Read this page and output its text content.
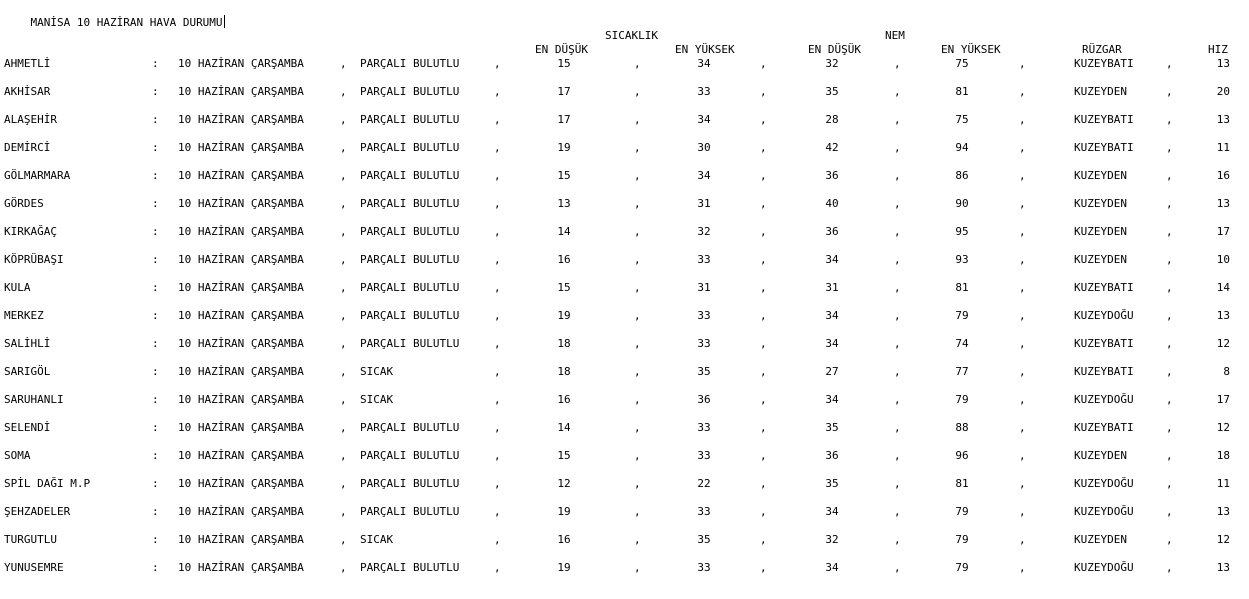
MANİSA 10 HAZİRAN HAVA DURUMU

SICAKLIK	NEM
EN DÜŞÜK	EN YÜKSEK	EN DÜŞÜK	EN YÜKSEK	RÜZGAR	HIZ
AHMETLİ	: 10 HAZİRAN ÇARŞAMBA	, PARÇALI BULUTLU	,	15	,	34	,	32	,	75	,	KUZEYBATI	,	13
AKHİSAR	: 10 HAZİRAN ÇARŞAMBA	, PARÇALI BULUTLU	,	17	,	33	,	35	,	81	,	KUZEYDEN	,	20
ALAŞEHİR	: 10 HAZİRAN ÇARŞAMBA	, PARÇALI BULUTLU	,	17	,	34	,	28	,	75	,	KUZEYBATI	,	13
DEMİRCİ	: 10 HAZİRAN ÇARŞAMBA	, PARÇALI BULUTLU	,	19	,	30	,	42	,	94	,	KUZEYBATI	,	11
GÖLMARMARA	: 10 HAZİRAN ÇARŞAMBA	, PARÇALI BULUTLU	,	15	,	34	,	36	,	86	,	KUZEYDEN	,	16
GÖRDES	: 10 HAZİRAN ÇARŞAMBA	, PARÇALI BULUTLU	,	13	,	31	,	40	,	90	,	KUZEYDEN	,	13
KIRKAĞAÇ	: 10 HAZİRAN ÇARŞAMBA	, PARÇALI BULUTLU	,	14	,	32	,	36	,	95	,	KUZEYDEN	,	17
KÖPRÜBAŞI	: 10 HAZİRAN ÇARŞAMBA	, PARÇALI BULUTLU	,	16	,	33	,	34	,	93	,	KUZEYDEN	,	10
KULA	: 10 HAZİRAN ÇARŞAMBA	, PARÇALI BULUTLU	,	15	,	31	,	31	,	81	,	KUZEYBATI	,	14
MERKEZ	: 10 HAZİRAN ÇARŞAMBA	, PARÇALI BULUTLU	,	19	,	33	,	34	,	79	,	KUZEYDOĞU	,	13
SALİHLİ	: 10 HAZİRAN ÇARŞAMBA	, PARÇALI BULUTLU	,	18	,	33	,	34	,	74	,	KUZEYBATI	,	12
SARIGÖL	: 10 HAZİRAN ÇARŞAMBA	, SICAK	,	18	,	35	,	27	,	77	,	KUZEYBATI	,	8
SARUHANLI	: 10 HAZİRAN ÇARŞAMBA	, SICAK	,	16	,	36	,	34	,	79	,	KUZEYDOĞU	,	17
SELENDİ	: 10 HAZİRAN ÇARŞAMBA	, PARÇALI BULUTLU	,	14	,	33	,	35	,	88	,	KUZEYBATI	,	12
SOMA	: 10 HAZİRAN ÇARŞAMBA	, PARÇALI BULUTLU	,	15	,	33	,	36	,	96	,	KUZEYDEN	,	18
SPİL DAĞI M.P	: 10 HAZİRAN ÇARŞAMBA	, PARÇALI BULUTLU	,	12	,	22	,	35	,	81	,	KUZEYDOĞU	,	11
ŞEHZADELER	: 10 HAZİRAN ÇARŞAMBA	, PARÇALI BULUTLU	,	19	,	33	,	34	,	79	,	KUZEYDOĞU	,	13
TURGUTLU	: 10 HAZİRAN ÇARŞAMBA	, SICAK	,	16	,	35	,	32	,	79	,	KUZEYDEN	,	12
YUNUSEMRE	: 10 HAZİRAN ÇARŞAMBA	, PARÇALI BULUTLU	,	19	,	33	,	34	,	79	,	KUZEYDOĞU	,	13
